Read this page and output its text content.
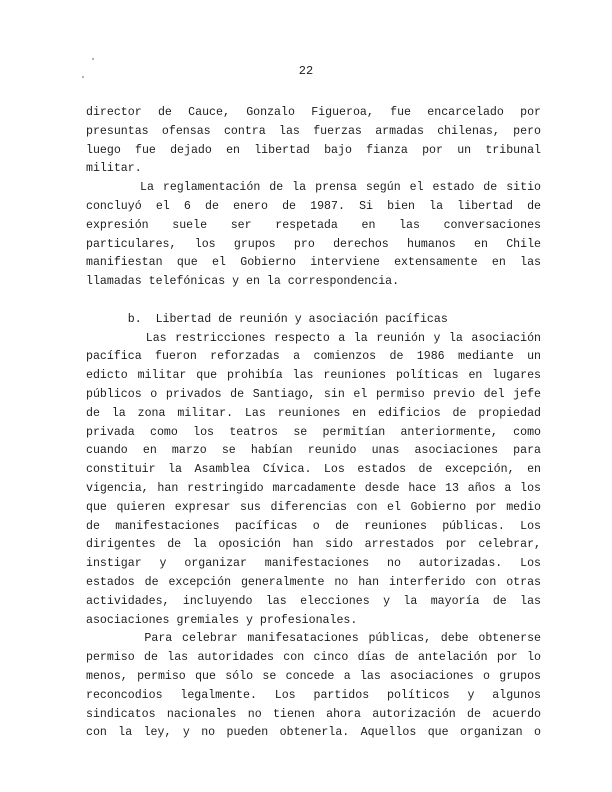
22
director de Cauce, Gonzalo Figueroa, fue encarcelado por
presuntas ofensas contra las fuerzas armadas chilenas, pero
luego fue dejado en libertad bajo fianza por un tribunal
militar.
La reglamentación de la prensa según el estado de sitio
concluyó el 6 de enero de 1987. Si bien la libertad de
expresión suele ser respetada en las conversaciones
particulares, los grupos pro derechos humanos en Chile
manifiestan que el Gobierno interviene extensamente en las
llamadas telefónicas y en la correspondencia.
b.  Libertad de reunión y asociación pacíficas
Las restricciones respecto a la reunión y la asociación
pacífica fueron reforzadas a comienzos de 1986 mediante un
edicto militar que prohibía las reuniones políticas en lugares
públicos o privados de Santiago, sin el permiso previo del jefe
de la zona militar. Las reuniones en edificios de propiedad
privada como los teatros se permitían anteriormente, como
cuando en marzo se habían reunido unas asociaciones para
constituir la Asamblea Cívica. Los estados de excepción, en
vigencia, han restringido marcadamente desde hace 13 años a los
que quieren expresar sus diferencias con el Gobierno por medio
de manifestaciones pacíficas o de reuniones públicas. Los
dirigentes de la oposición han sido arrestados por celebrar,
instigar y organizar manifestaciones no autorizadas. Los
estados de excepción generalmente no han interferido con otras
actividades, incluyendo las elecciones y la mayoría de las
asociaciones gremiales y profesionales.
Para celebrar manifesataciones públicas, debe obtenerse
permiso de las autoridades con cinco días de antelación por lo
menos, permiso que sólo se concede a las asociaciones o grupos
reconcodios legalmente. Los partidos políticos y algunos
sindicatos nacionales no tienen ahora autorización de acuerdo
con la ley, y no pueden obtenerla. Aquellos que organizan o
